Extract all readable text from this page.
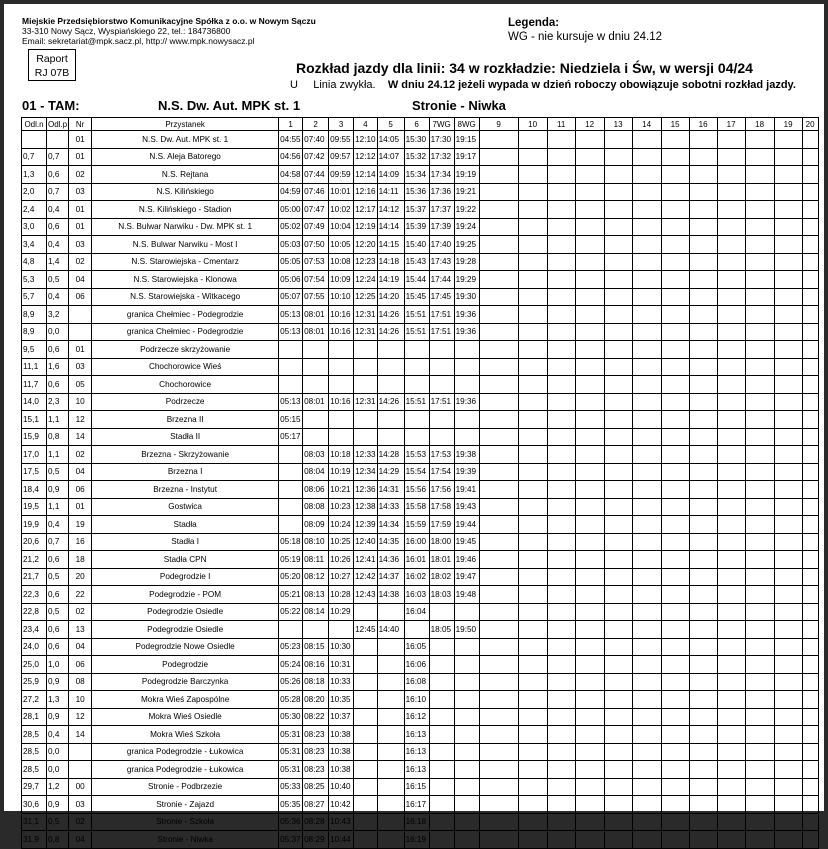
Miejskie Przedsiębiorstwo Komunikacyjne Spółka z o.o. w Nowym Sączu
33-310 Nowy Sącz, Wyspiańskiego 22, tel.: 184736800
Email: sekretariat@mpk.sacz.pl, http:// www.mpk.nowysacz.pl
Raport
RJ 07B
Legenda:
WG - nie kursuje w dniu 24.12
Rozkład jazdy dla linii: 34 w rozkładzie: Niedziela i Św, w wersji 04/24
U Linia zwykła. W dniu 24.12 jeżeli wypada w dzień roboczy obowiązuje sobotni rozkład jazdy.
01 - TAM:	N.S. Dw. Aut. MPK st. 1	Stronie - Niwka
Odl.n	Odl.p	Nr	Przystanek	1	2	3	4	5	6	7WG	8WG	9	10	11	12	13	14	15	16	17	18	19	20
		01	N.S. Dw. Aut. MPK st. 1	04:55	07:40	09:55	12:10	14:05	15:30	17:30	19:15												
0,7	0,7	01	N.S. Aleja Batorego	04:56	07:42	09:57	12:12	14:07	15:32	17:32	19:17												
1,3	0,6	02	N.S. Rejtana	04:58	07:44	09:59	12:14	14:09	15:34	17:34	19:19												
2,0	0,7	03	N.S. Kilińskiego	04:59	07:46	10:01	12:16	14:11	15:36	17:36	19:21												
2,4	0,4	01	N.S. Kilińskiego - Stadion	05:00	07:47	10:02	12:17	14:12	15:37	17:37	19:22												
3,0	0,6	01	N.S. Bulwar Narwiku - Dw. MPK st. 1	05:02	07:49	10:04	12:19	14:14	15:39	17:39	19:24												
3,4	0,4	03	N.S. Bulwar Narwiku - Most I	05:03	07:50	10:05	12:20	14:15	15:40	17:40	19:25												
4,8	1,4	02	N.S. Starowiejska - Cmentarz	05:05	07:53	10:08	12:23	14:18	15:43	17:43	19:28												
5,3	0,5	04	N.S. Starowiejska - Klonowa	05:06	07:54	10:09	12:24	14:19	15:44	17:44	19:29												
5,7	0,4	06	N.S. Starowiejska - Witkacego	05:07	07:55	10:10	12:25	14:20	15:45	17:45	19:30												
8,9	3,2		granica Chełmiec - Podegrodzie	05:13	08:01	10:16	12:31	14:26	15:51	17:51	19:36												
8,9	0,0		granica Chełmiec - Podegrodzie	05:13	08:01	10:16	12:31	14:26	15:51	17:51	19:36												
9,5	0,6	01	Podrzecze skrzyżowanie																				
11,1	1,6	03	Chochorowice Wieś																				
11,7	0,6	05	Chochorowice																				
14,0	2,3	10	Podrzecze	05:13	08:01	10:16	12:31	14:26	15:51	17:51	19:36												
15,1	1,1	12	Brzezna II	05:15																			
15,9	0,8	14	Stadła II	05:17																			
17,0	1,1	02	Brzezna - Skrzyżowanie		08:03	10:18	12:33	14:28	15:53	17:53	19:38												
17,5	0,5	04	Brzezna I		08:04	10:19	12:34	14:29	15:54	17:54	19:39												
18,4	0,9	06	Brzezna - Instytut		08:06	10:21	12:36	14:31	15:56	17:56	19:41												
19,5	1,1	01	Gostwica		08:08	10:23	12:38	14:33	15:58	17:58	19:43												
19,9	0,4	19	Stadła		08:09	10:24	12:39	14:34	15:59	17:59	19:44												
20,6	0,7	16	Stadła I	05:18	08:10	10:25	12:40	14:35	16:00	18:00	19:45												
21,2	0,6	18	Stadła CPN	05:19	08:11	10:26	12:41	14:36	16:01	18:01	19:46												
21,7	0,5	20	Podegrodzie I	05:20	08:12	10:27	12:42	14:37	16:02	18:02	19:47												
22,3	0,6	22	Podegrodzie - POM	05:21	08:13	10:28	12:43	14:38	16:03	18:03	19:48												
22,8	0,5	02	Podegrodzie Osiedle	05:22	08:14	10:29			16:04														
23,4	0,6	13	Podegrodzie Osiedle				12:45	14:40		18:05	19:50												
24,0	0,6	04	Podegrodzie Nowe Osiedle	05:23	08:15	10:30			16:05														
25,0	1,0	06	Podegrodzie	05:24	08:16	10:31			16:06														
25,9	0,9	08	Podegrodzie Barczynka	05:26	08:18	10:33			16:08														
27,2	1,3	10	Mokra Wieś Zapospólne	05:28	08:20	10:35			16:10														
28,1	0,9	12	Mokra Wieś Osiedle	05:30	08:22	10:37			16:12														
28,5	0,4	14	Mokra Wieś Szkoła	05:31	08:23	10:38			16:13														
28,5	0,0		granica Podegrodzie - Łukowica	05:31	08:23	10:38			16:13														
28,5	0,0		granica Podegrodzie - Łukowica	05:31	08:23	10:38			16:13														
29,7	1,2	00	Stronie - Podbrzezie	05:33	08:25	10:40			16:15														
30,6	0,9	03	Stronie - Zajazd	05:35	08:27	10:42			16:17														
31,1	0,5	02	Stronie - Szkoła	05:36	08:28	10:43			16:18														
31,9	0,8	04	Stronie - Niwka	05:37	08:29	10:44			16:19														
